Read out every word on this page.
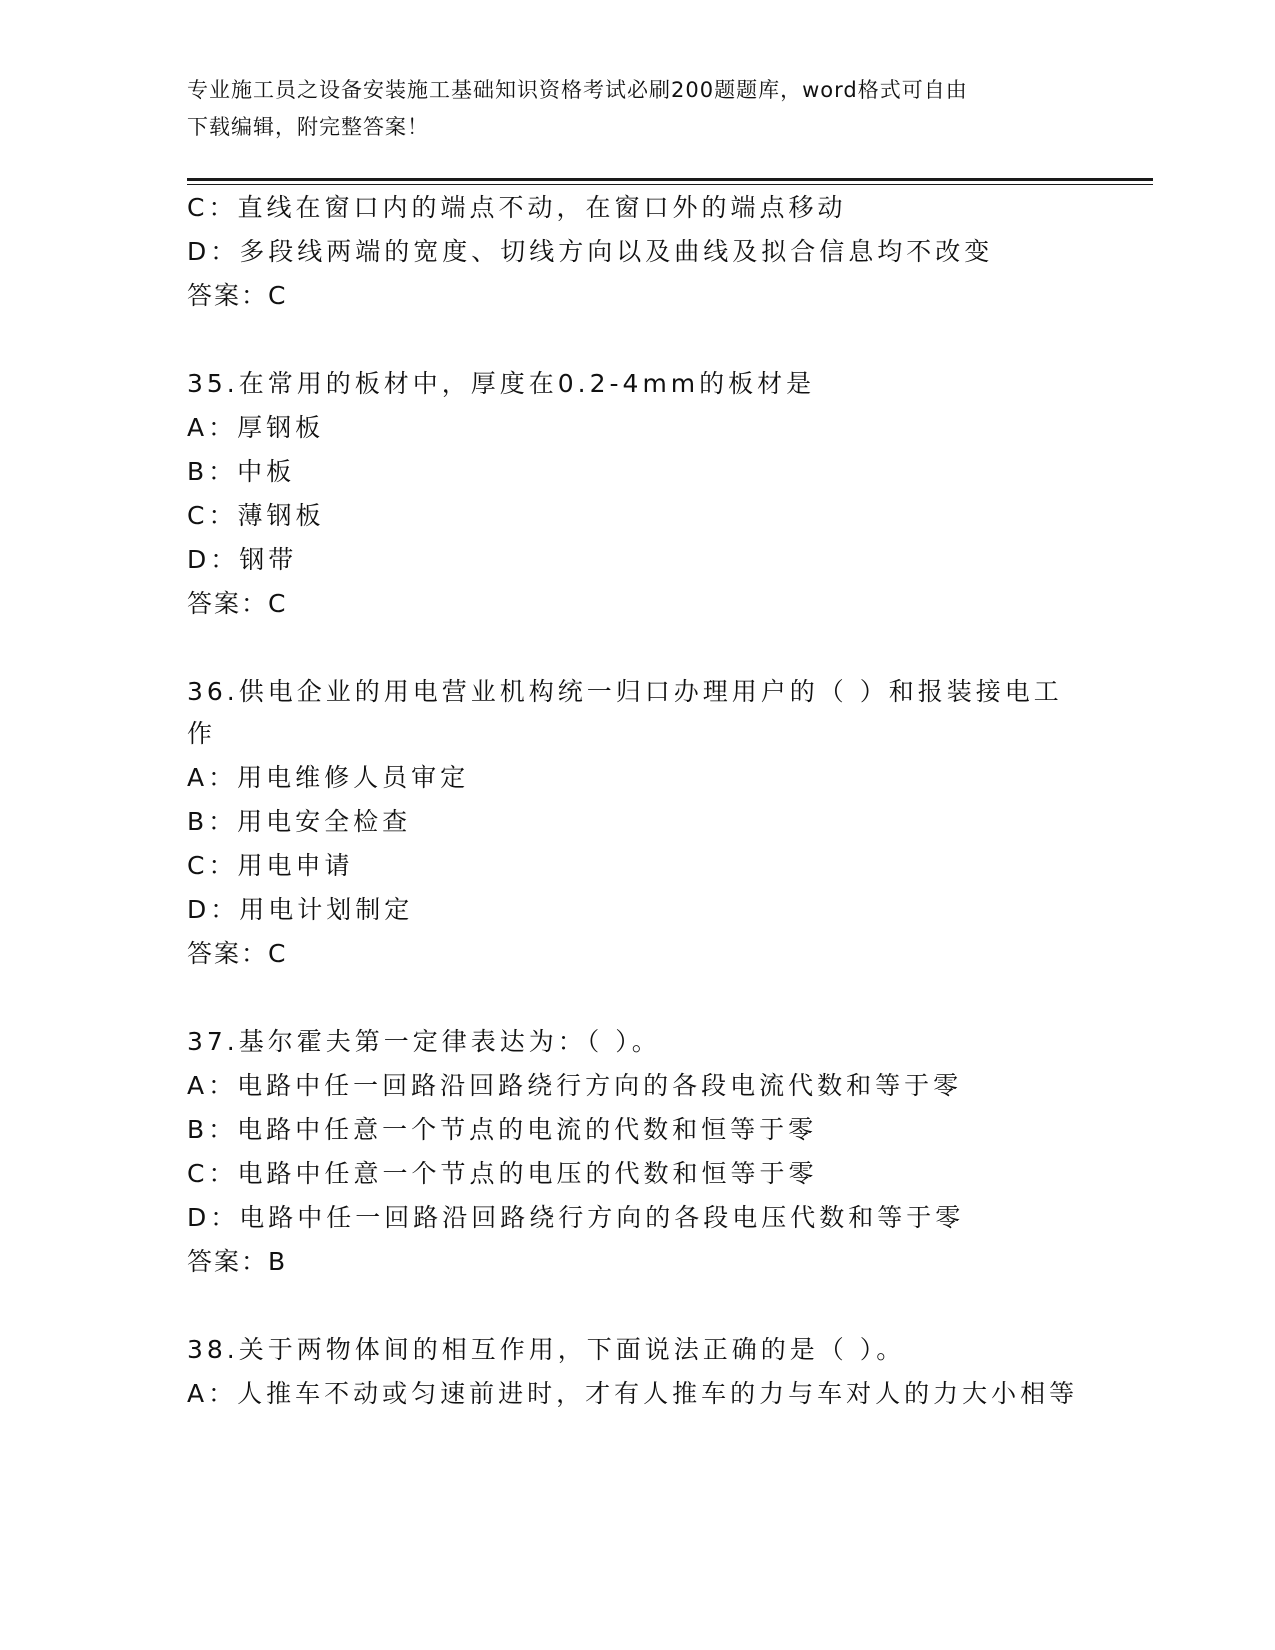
专业施工员之设备安装施工基础知识资格考试必刷200题题库，word格式可自由
下载编辑，附完整答案！
C：直线在窗口内的端点不动，在窗口外的端点移动
D：多段线两端的宽度、切线方向以及曲线及拟合信息均不改变
答案：C
35.在常用的板材中，厚度在0.2-4mm的板材是
A：厚钢板
B：中板
C：薄钢板
D：钢带
答案：C
36.供电企业的用电营业机构统一归口办理用户的（ ）和报装接电工
作
A：用电维修人员审定
B：用电安全检查
C：用电申请
D：用电计划制定
答案：C
37.基尔霍夫第一定律表达为：（ ）。
A：电路中任一回路沿回路绕行方向的各段电流代数和等于零
B：电路中任意一个节点的电流的代数和恒等于零
C：电路中任意一个节点的电压的代数和恒等于零
D：电路中任一回路沿回路绕行方向的各段电压代数和等于零
答案：B
38.关于两物体间的相互作用，下面说法正确的是（ ）。
A：人推车不动或匀速前进时，才有人推车的力与车对人的力大小相等
